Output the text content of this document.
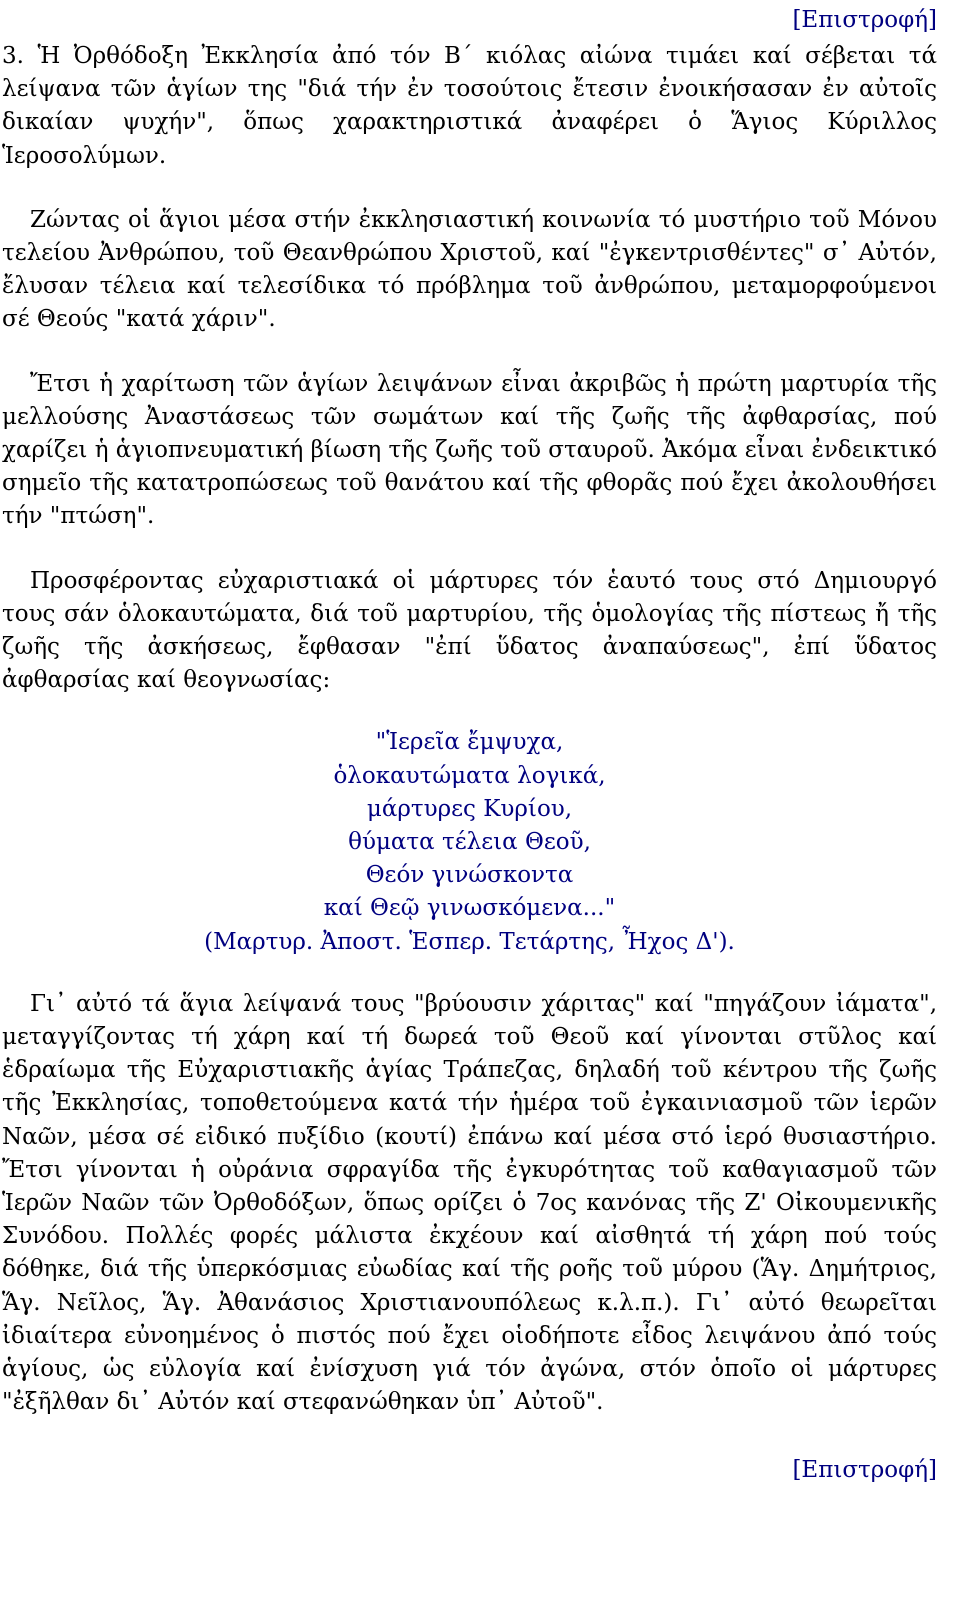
[Επιστροφή]

3. Ἡ Ὀρθόδοξη Ἐκκλησία ἀπό τόν Β΄ κιόλας αἰώνα τιμάει καί σέβεται τά λείψανα τῶν ἁγίων της "διά τήν ἐν τοσούτοις ἔτεσιν ἐνοικήσασαν ἐν αὐτοῖς δικαίαν ψυχήν", ὅπως χαρακτηριστικά ἀναφέρει ὁ Ἅγιος Κύριλλος Ἱεροσολύμων.

Ζώντας οἱ ἅγιοι μέσα στήν ἐκκλησιαστική κοινωνία τό μυστήριο τοῦ Μόνου τελείου Ἀνθρώπου, τοῦ Θεανθρώπου Χριστοῦ, καί "ἐγκεντρισθέντες" σ᾽ Αὐτόν, ἔλυσαν τέλεια καί τελεσίδικα τό πρόβλημα τοῦ ἀνθρώπου, μεταμορφούμενοι σέ Θεούς "κατά χάριν".

Ἔτσι ἡ χαρίτωση τῶν ἁγίων λειψάνων εἶναι ἀκριβῶς ἡ πρώτη μαρτυρία τῆς μελλούσης Ἀναστάσεως τῶν σωμάτων καί τῆς ζωῆς τῆς ἀφθαρσίας, πού χαρίζει ἡ ἁγιοπνευματική βίωση τῆς ζωῆς τοῦ σταυροῦ. Ἀκόμα εἶναι ἐνδεικτικό σημεῖο τῆς κατατροπώσεως τοῦ θανάτου καί τῆς φθορᾶς πού ἔχει ἀκολουθήσει τήν "πτώση".

Προσφέροντας εὐχαριστιακά οἱ μάρτυρες τόν ἑαυτό τους στό Δημιουργό τους σάν ὁλοκαυτώματα, διά τοῦ μαρτυρίου, τῆς ὁμολογίας τῆς πίστεως ἤ τῆς ζωῆς τῆς ἀσκήσεως, ἔφθασαν "ἐπί ὕδατος ἀναπαύσεως", ἐπί ὕδατος ἀφθαρσίας καί θεογνωσίας:

"Ἱερεῖα ἔμψυχα,
ὁλοκαυτώματα λογικά,
μάρτυρες Κυρίου,
θύματα τέλεια Θεοῦ,
Θεόν γινώσκοντα
καί Θεῷ γινωσκόμενα..."
(Μαρτυρ. Ἀποστ. Ἑσπερ. Τετάρτης, Ἦχος Δ').

Γι᾽ αὐτό τά ἅγια λείψανά τους "βρύουσιν χάριτας" καί "πηγάζουν ἰάματα", μεταγγίζοντας τή χάρη καί τή δωρεά τοῦ Θεοῦ καί γίνονται στῦλος καί ἑδραίωμα τῆς Εὐχαριστιακῆς ἁγίας Τράπεζας, δηλαδή τοῦ κέντρου τῆς ζωῆς τῆς Ἐκκλησίας, τοποθετούμενα κατά τήν ἡμέρα τοῦ ἐγκαινιασμοῦ τῶν ἱερῶν Ναῶν, μέσα σέ εἰδικό πυξίδιο (κουτί) ἐπάνω καί μέσα στό ἱερό θυσιαστήριο. Ἔτσι γίνονται ἡ οὐράνια σφραγίδα τῆς ἐγκυρότητας τοῦ καθαγιασμοῦ τῶν Ἱερῶν Ναῶν τῶν Ὀρθοδόξων, ὅπως ορίζει ὁ 7ος κανόνας τῆς Ζ' Οἰκουμενικῆς Συνόδου. Πολλές φορές μάλιστα ἐκχέουν καί αἰσθητά τή χάρη πού τούς δόθηκε, διά τῆς ὑπερκόσμιας εὐωδίας καί τῆς ροῆς τοῦ μύρου (Ἅγ. Δημήτριος, Ἅγ. Νεῖλος, Ἅγ. Ἀθανάσιος Χριστιανουπόλεως κ.λ.π.). Γι᾽ αὐτό θεωρεῖται ἰδιαίτερα εὐνοημένος ὁ πιστός πού ἔχει οἱοδήποτε εἶδος λειψάνου ἀπό τούς ἁγίους, ὡς εὐλογία καί ἐνίσχυση γιά τόν ἀγώνα, στόν ὁποῖο οἱ μάρτυρες "ἐξῆλθαν δι᾽ Αὐτόν καί στεφανώθηκαν ὑπ᾽ Αὐτοῦ".

[Επιστροφή]
